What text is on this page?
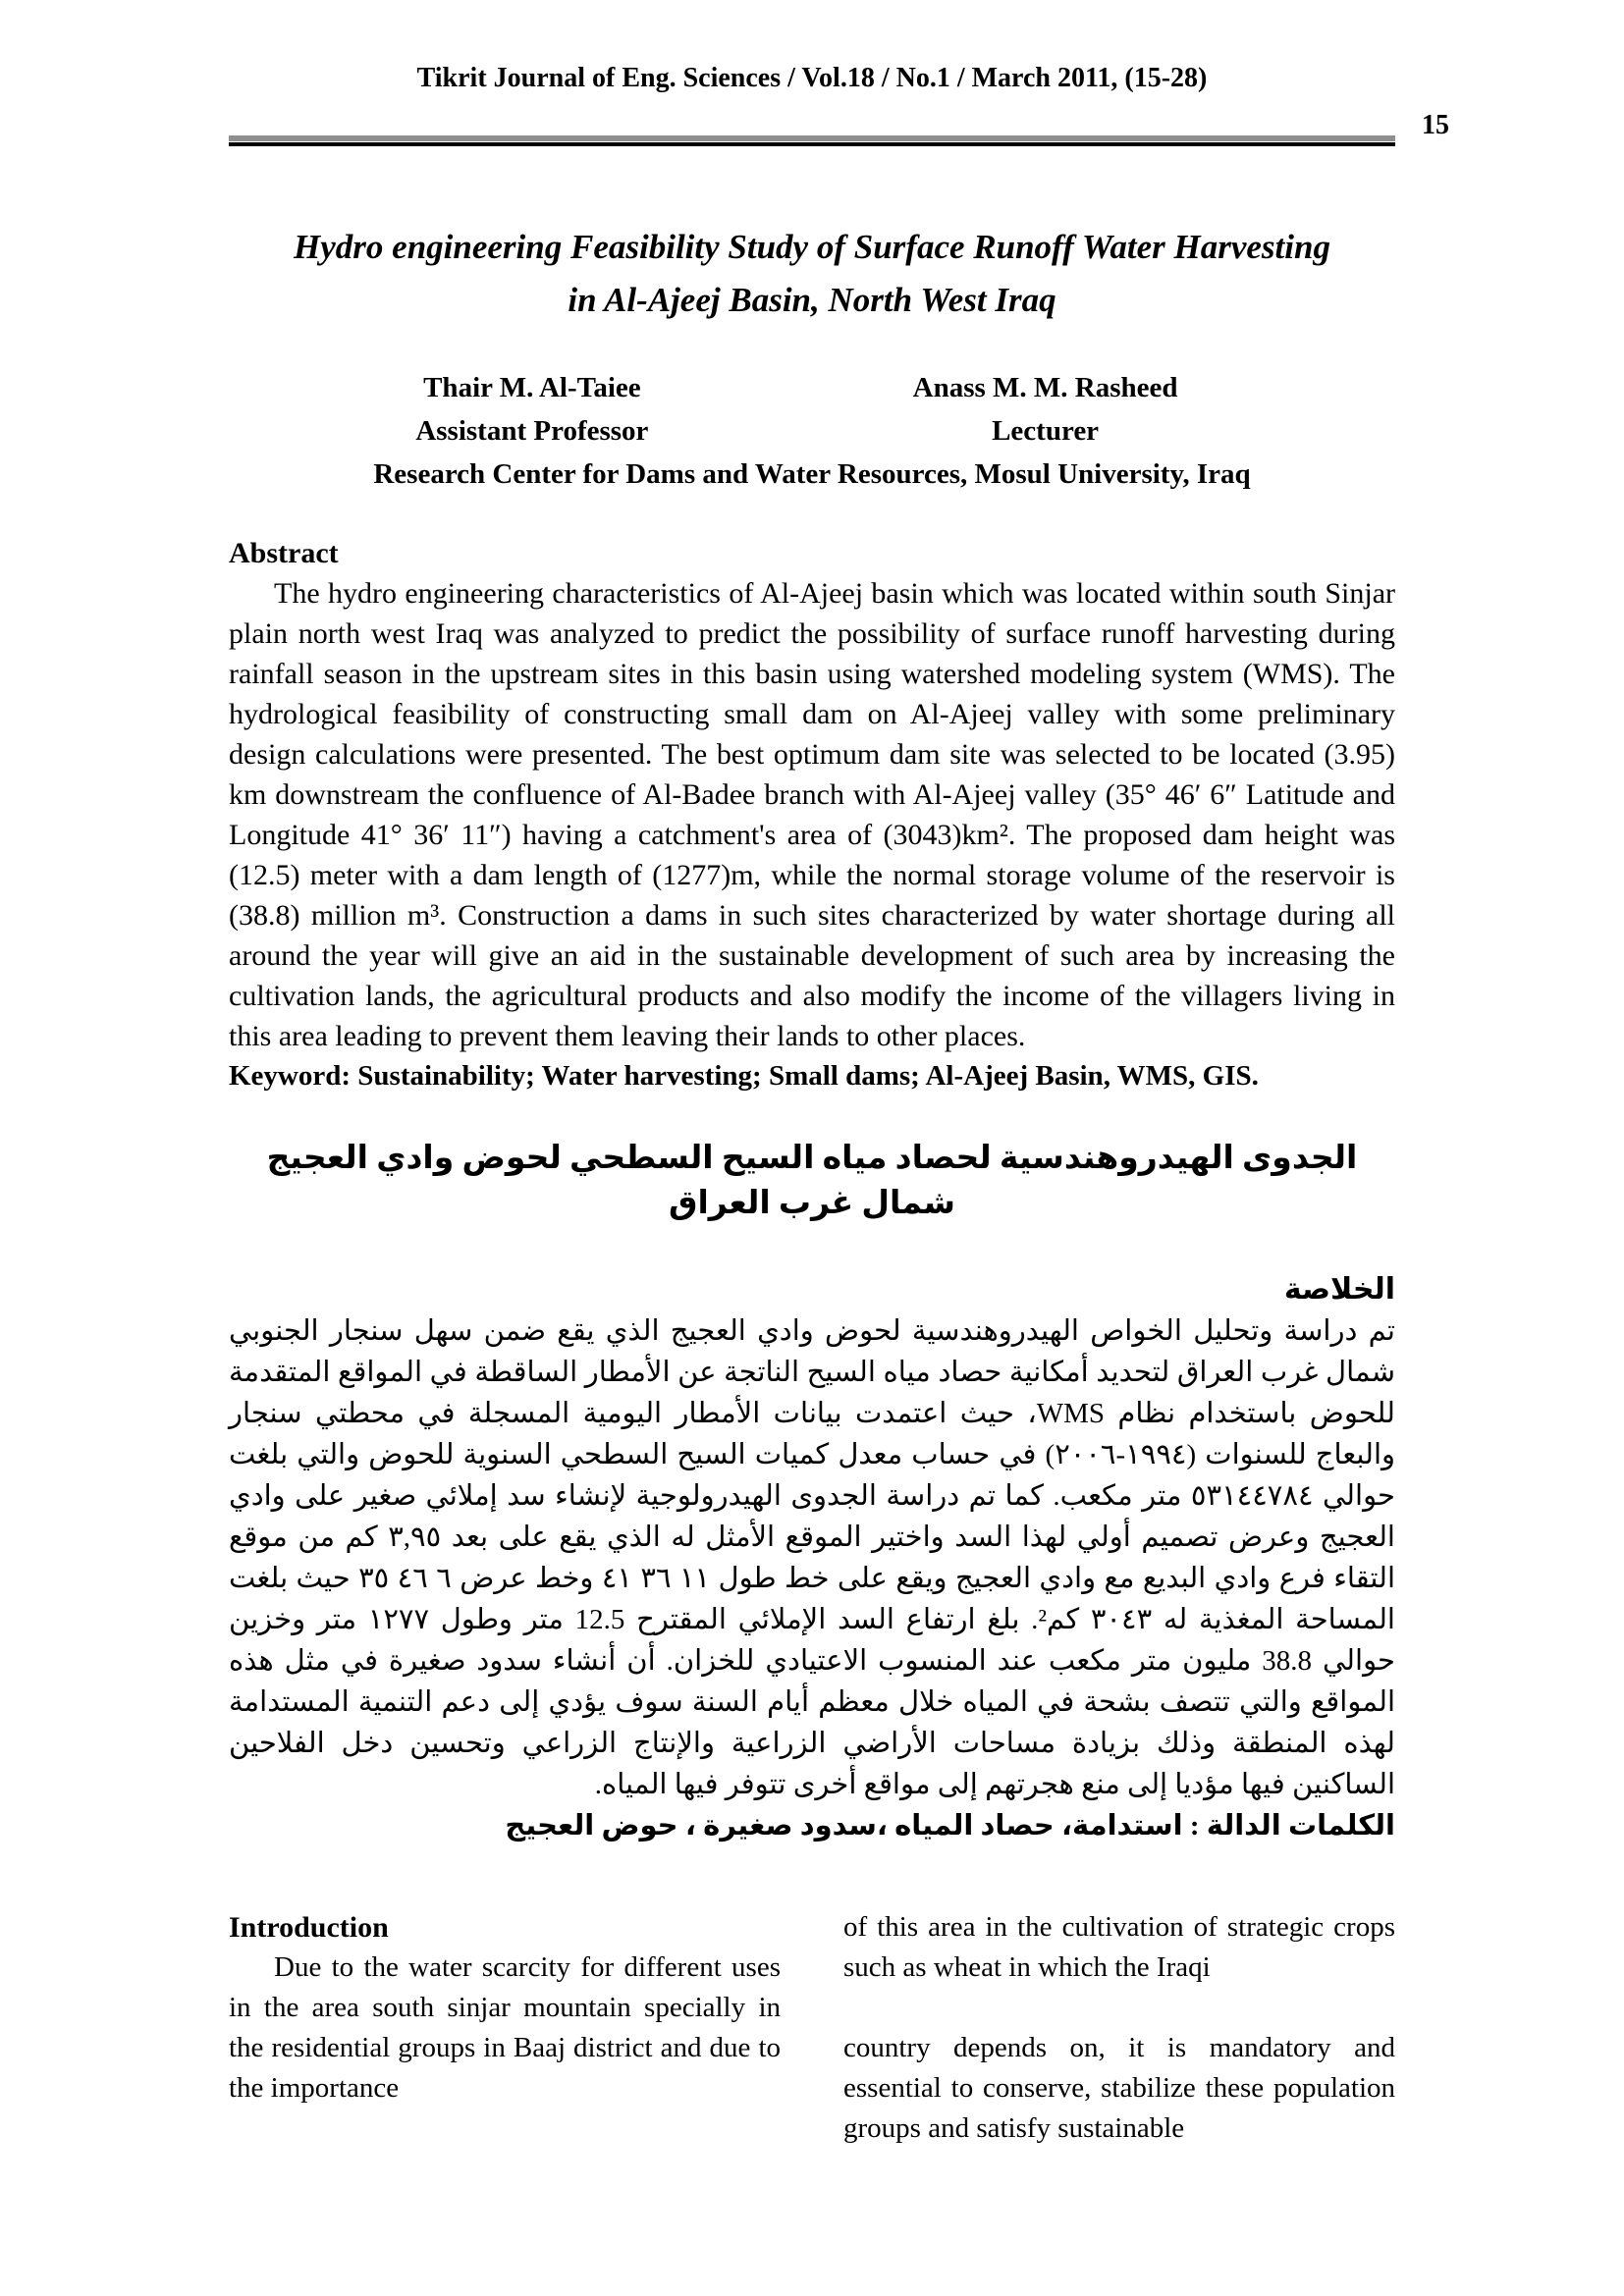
Tikrit Journal of Eng. Sciences / Vol.18 / No.1 / March 2011, (15-28)
15
Hydro engineering Feasibility Study of Surface Runoff Water Harvesting
in Al-Ajeej Basin, North West Iraq
Thair M. Al-Taiee
Assistant Professor
Anass M. M. Rasheed
Lecturer
Research Center for Dams and Water Resources, Mosul University, Iraq
Abstract

The hydro engineering characteristics of Al-Ajeej basin which was located within south Sinjar plain north west Iraq was analyzed to predict the possibility of surface runoff harvesting during rainfall season in the upstream sites in this basin using watershed modeling system (WMS). The hydrological feasibility of constructing small dam on Al-Ajeej valley with some preliminary design calculations were presented. The best optimum dam site was selected to be located (3.95) km downstream the confluence of Al-Badee branch with Al-Ajeej valley (35° 46′ 6″ Latitude and Longitude 41° 36′ 11″) having a catchment's area of (3043)km². The proposed dam height was (12.5) meter with a dam length of (1277)m, while the normal storage volume of the reservoir is (38.8) million m³. Construction a dams in such sites characterized by water shortage during all around the year will give an aid in the sustainable development of such area by increasing the cultivation lands, the agricultural products and also modify the income of the villagers living in this area leading to prevent them leaving their lands to other places.

Keyword: Sustainability; Water harvesting; Small dams; Al-Ajeej Basin, WMS, GIS.

الجدوى الهيدروهندسية لحصاد مياه السيح السطحي لحوض وادي العجيج شمال غرب العراق
الخلاصة

تم دراسة وتحليل الخواص الهيدروهندسية لحوض وادي العجيج الذي يقع ضمن سهل سنجار الجنوبي شمال غرب العراق لتحديد أمكانية حصاد مياه السيح الناتجة عن الأمطار الساقطة في المواقع المتقدمة للحوض باستخدام نظام WMS، حيث اعتمدت بيانات الأمطار اليومية المسجلة في محطتي سنجار والبعاج للسنوات (١٩٩٤-٢٠٠٦) في حساب معدل كميات السيح السطحي السنوية للحوض والتي بلغت حوالي ٥٣١٤٤٧٨٤ متر مكعب. كما تم دراسة الجدوى الهيدرولوجية لإنشاء سد إملائي صغير على وادي العجيج وعرض تصميم أولي لهذا السد واختير الموقع الأمثل له الذي يقع على بعد ٣,٩٥ كم من موقع التقاء فرع وادي البديع مع وادي العجيج ويقع على خط طول ١١ ٣٦ ٤١ وخط عرض ٦ ٤٦ ٣٥ حيث بلغت المساحة المغذية له ٣٠٤٣ كم². بلغ ارتفاع السد الإملائي المقترح 12.5 متر وطول ١٢٧٧ متر وخزين حوالي 38.8 مليون متر مكعب عند المنسوب الاعتيادي للخزان. أن أنشاء سدود صغيرة في مثل هذه المواقع والتي تتصف بشحة في المياه خلال معظم أيام السنة سوف يؤدي إلى دعم التنمية المستدامة لهذه المنطقة وذلك بزيادة مساحات الأراضي الزراعية والإنتاج الزراعي وتحسين دخل الفلاحين الساكنين فيها مؤديا إلى منع هجرتهم إلى مواقع أخرى تتوفر فيها المياه.

الكلمات الدالة : استدامة، حصاد المياه ،سدود صغيرة ، حوض العجيج

Introduction

Due to the water scarcity for different uses in the area south sinjar mountain specially in the residential groups in Baaj district and due to the importance

of this area in the cultivation of strategic crops such as wheat in which the Iraqi

country depends on, it is mandatory and essential to conserve, stabilize these population groups and satisfy sustainable
